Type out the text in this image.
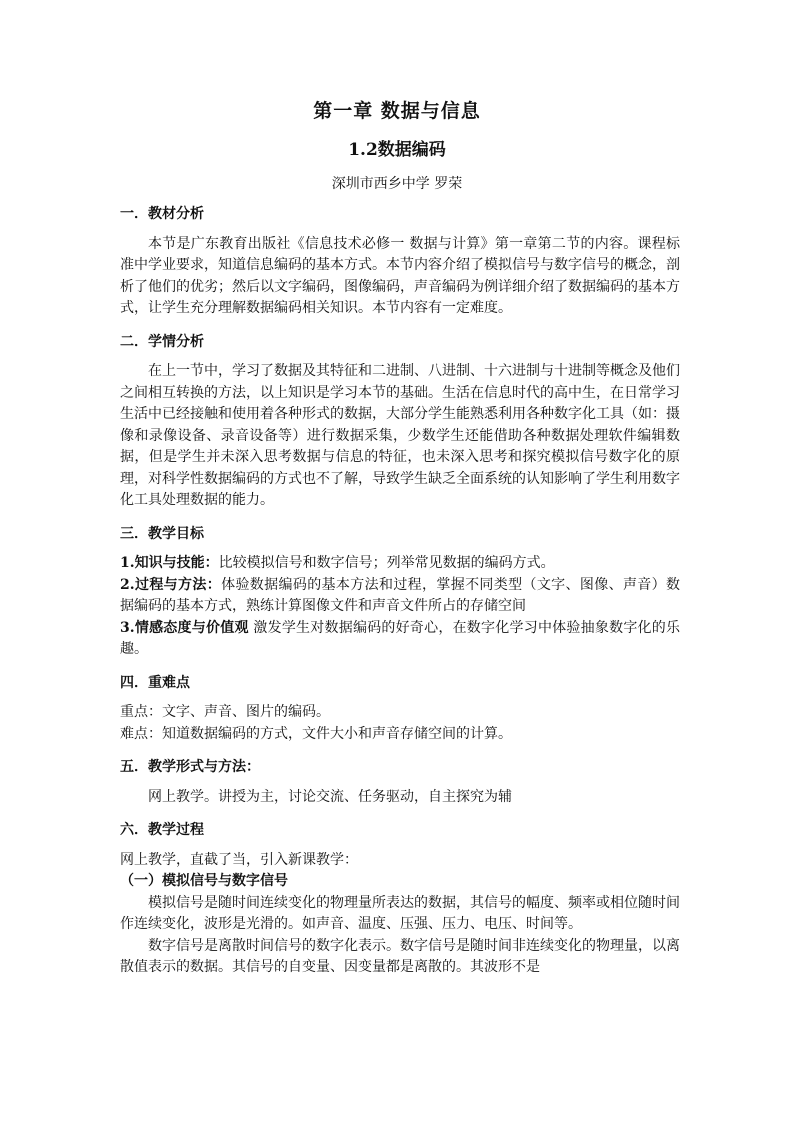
第一章 数据与信息
1.2数据编码
深圳市西乡中学 罗荣

一．教材分析

本节是广东教育出版社《信息技术必修一 数据与计算》第一章第二节的内容。课程标准中学业要求，知道信息编码的基本方式。本节内容介绍了模拟信号与数字信号的概念，剖析了他们的优劣；然后以文字编码，图像编码，声音编码为例详细介绍了数据编码的基本方式，让学生充分理解数据编码相关知识。本节内容有一定难度。

二．学情分析

在上一节中，学习了数据及其特征和二进制、八进制、十六进制与十进制等概念及他们之间相互转换的方法，以上知识是学习本节的基础。生活在信息时代的高中生，在日常学习生活中已经接触和使用着各种形式的数据，大部分学生能熟悉利用各种数字化工具（如：摄像和录像设备、录音设备等）进行数据采集，少数学生还能借助各种数据处理软件编辑数据，但是学生并未深入思考数据与信息的特征，也未深入思考和探究模拟信号数字化的原理，对科学性数据编码的方式也不了解，导致学生缺乏全面系统的认知影响了学生利用数字化工具处理数据的能力。

三．教学目标

1.知识与技能：比较模拟信号和数字信号；列举常见数据的编码方式。

2.过程与方法：体验数据编码的基本方法和过程，掌握不同类型（文字、图像、声音）数据编码的基本方式，熟练计算图像文件和声音文件所占的存储空间

3.情感态度与价值观 激发学生对数据编码的好奇心，在数字化学习中体验抽象数字化的乐趣。

四．重难点

重点：文字、声音、图片的编码。

难点：知道数据编码的方式，文件大小和声音存储空间的计算。

五．教学形式与方法：

网上教学。讲授为主，讨论交流、任务驱动，自主探究为辅

六．教学过程

网上教学，直截了当，引入新课教学：

（一）模拟信号与数字信号

模拟信号是随时间连续变化的物理量所表达的数据，其信号的幅度、频率或相位随时间作连续变化，波形是光滑的。如声音、温度、压强、压力、电压、时间等。

数字信号是离散时间信号的数字化表示。数字信号是随时间非连续变化的物理量，以离散值表示的数据。其信号的自变量、因变量都是离散的。其波形不是
